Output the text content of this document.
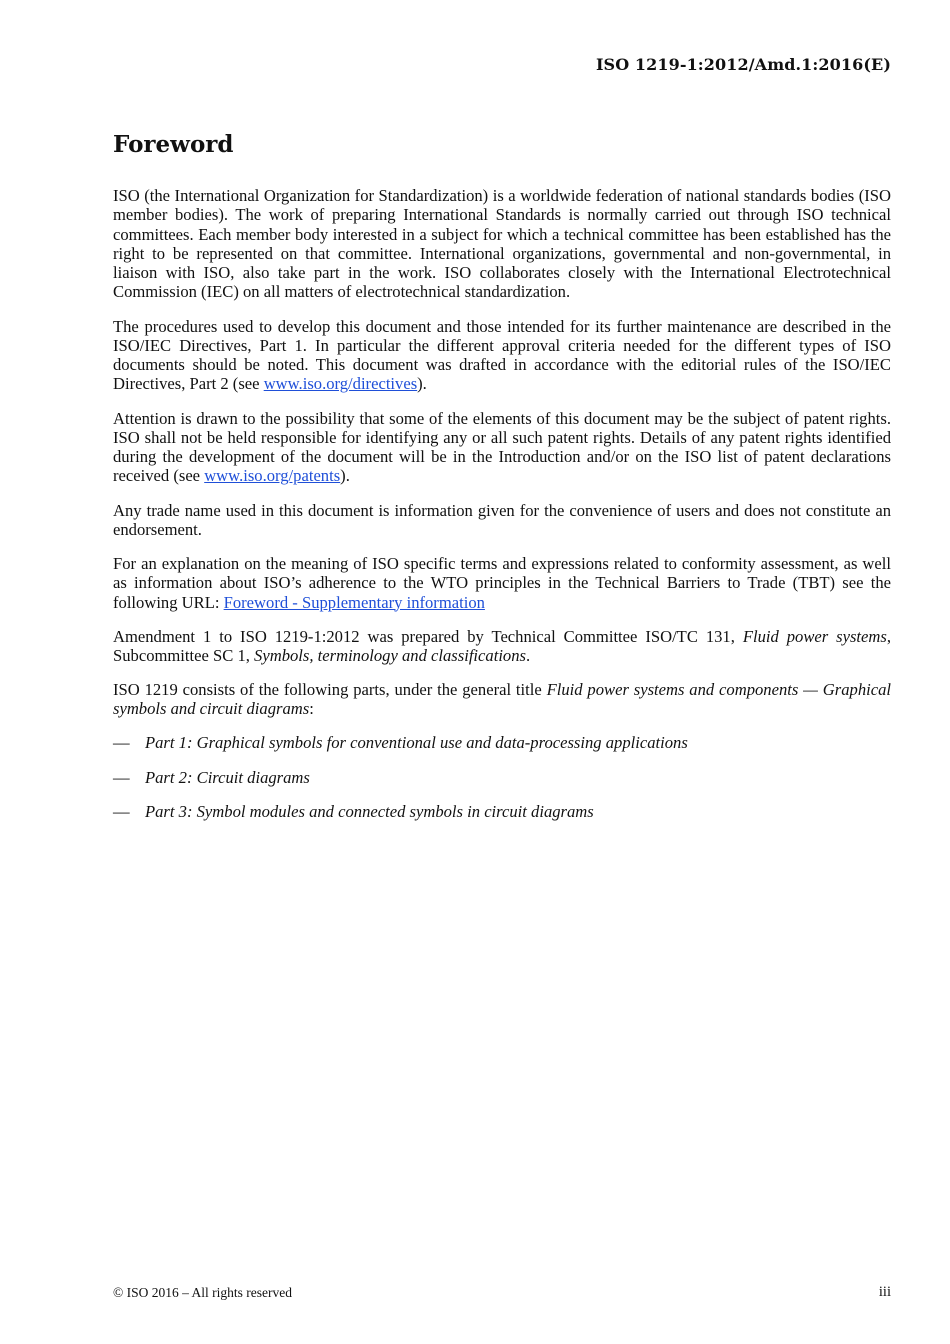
ISO 1219-1:2012/Amd.1:2016(E)
Foreword

ISO (the International Organization for Standardization) is a worldwide federation of national standards bodies (ISO member bodies). The work of preparing International Standards is normally carried out through ISO technical committees. Each member body interested in a subject for which a technical committee has been established has the right to be represented on that committee. International organizations, governmental and non-governmental, in liaison with ISO, also take part in the work. ISO collaborates closely with the International Electrotechnical Commission (IEC) on all matters of electrotechnical standardization.

The procedures used to develop this document and those intended for its further maintenance are described in the ISO/IEC Directives, Part 1. In particular the different approval criteria needed for the different types of ISO documents should be noted. This document was drafted in accordance with the editorial rules of the ISO/IEC Directives, Part 2 (see www.iso.org/directives).

Attention is drawn to the possibility that some of the elements of this document may be the subject of patent rights. ISO shall not be held responsible for identifying any or all such patent rights. Details of any patent rights identified during the development of the document will be in the Introduction and/or on the ISO list of patent declarations received (see www.iso.org/patents).

Any trade name used in this document is information given for the convenience of users and does not constitute an endorsement.

For an explanation on the meaning of ISO specific terms and expressions related to conformity assessment, as well as information about ISO’s adherence to the WTO principles in the Technical Barriers to Trade (TBT) see the following URL: Foreword - Supplementary information

Amendment 1 to ISO 1219-1:2012 was prepared by Technical Committee ISO/TC 131, Fluid power systems, Subcommittee SC 1, Symbols, terminology and classifications.

ISO 1219 consists of the following parts, under the general title Fluid power systems and components — Graphical symbols and circuit diagrams:

— Part 1: Graphical symbols for conventional use and data-processing applications
— Part 2: Circuit diagrams
— Part 3: Symbol modules and connected symbols in circuit diagrams
© ISO 2016 – All rights reserved	iii
